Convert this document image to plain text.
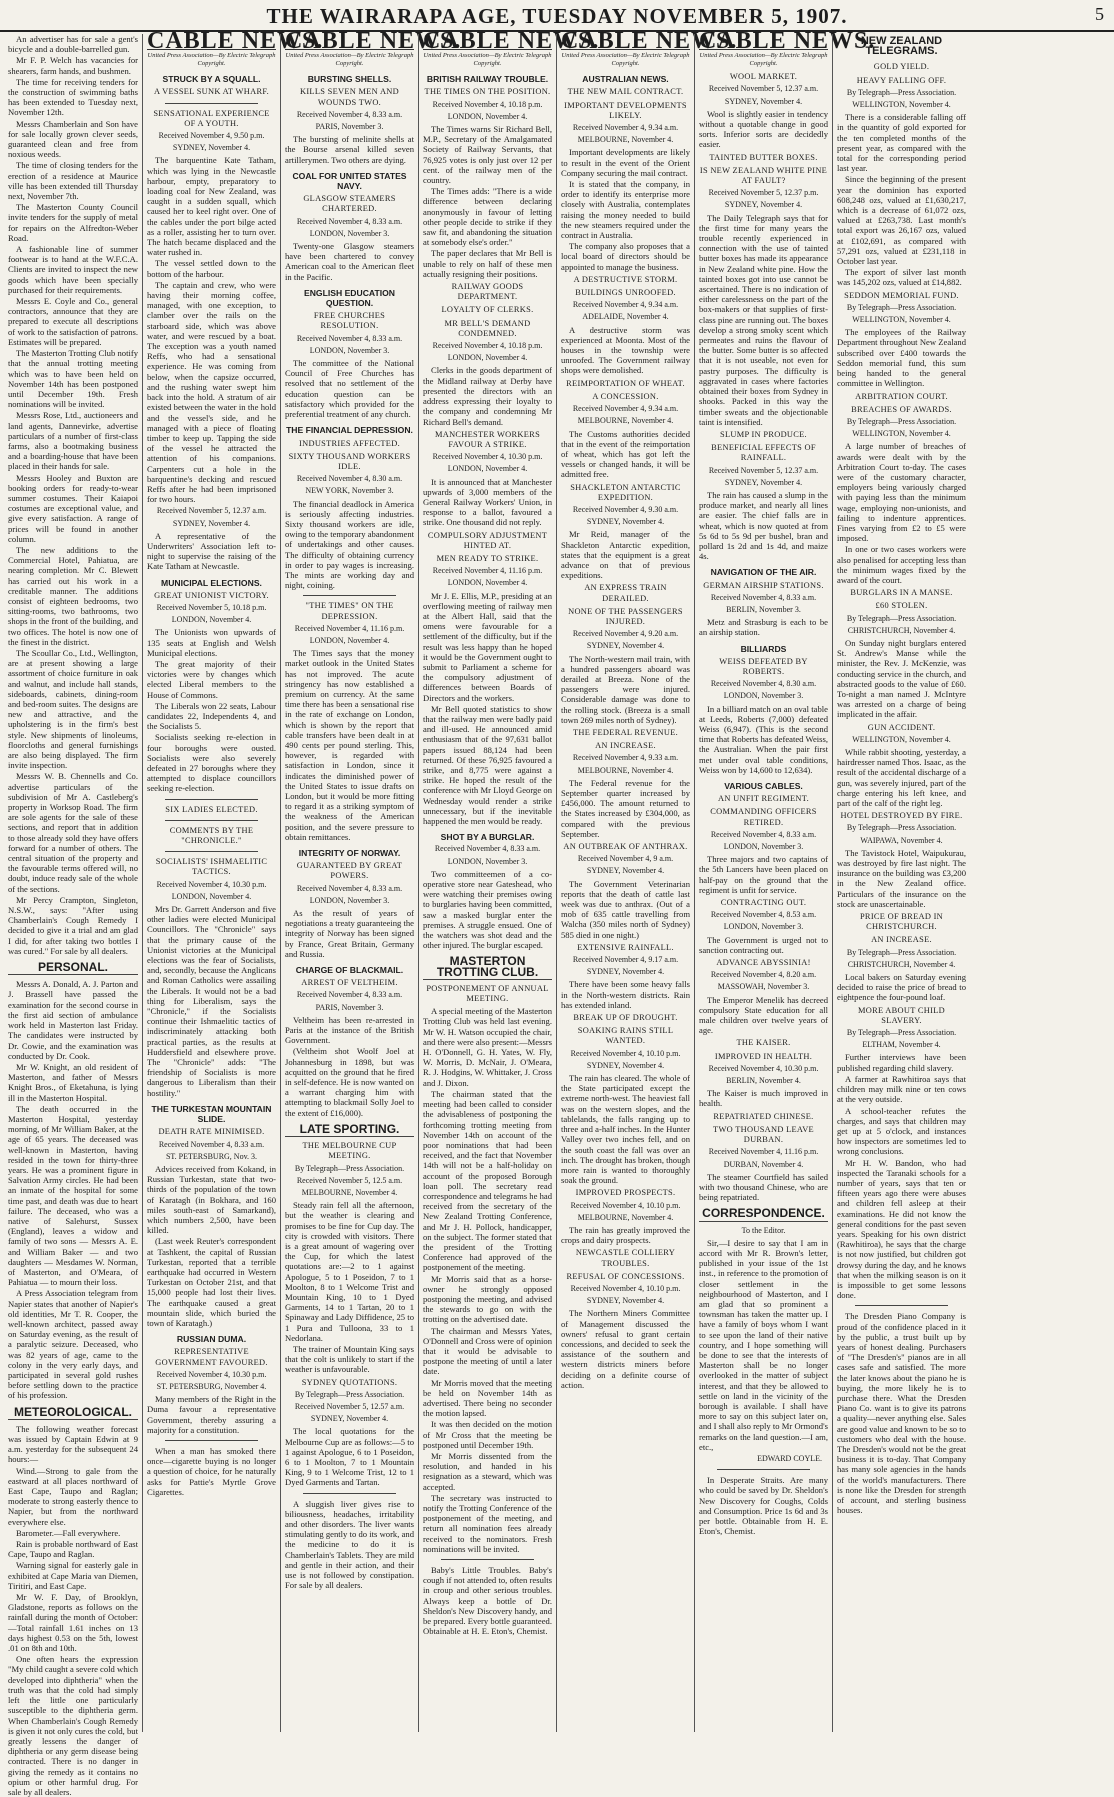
THE WAIRARAPA AGE, TUESDAY NOVEMBER 5, 1907.	5

An advertiser has for sale a gent's bicycle and a double-barrelled gun.

Mr F. P. Welch has vacancies for shearers, farm hands, and bushmen.

The time for receiving tenders for the construction of swimming baths has been extended to Tuesday next, November 12th.

Messrs Chamberlain and Son have for sale locally grown clever seeds, guaranteed clean and free from noxious weeds.

The time of closing tenders for the erection of a residence at Maurice ville has been extended till Thursday next, November 7th.

The Masterton County Council invite tenders for the supply of metal for repairs on the Alfredton-Weber Road.

A fashionable line of summer footwear is to hand at the W.F.C.A. Clients are invited to inspect the new goods which have been specially purchased for their requirements.

Messrs E. Coyle and Co., general contractors, announce that they are prepared to execute all descriptions of work to the satisfaction of patrons. Estimates will be prepared.

The Masterton Trotting Club notify that the annual trotting meeting which was to have been held on November 14th has been postponed until December 19th. Fresh nominations will be invited.

Messrs Rose, Ltd., auctioneers and land agents, Dannevirke, advertise particulars of a number of first-class farms, also a bootmaking business and a boarding-house that have been placed in their hands for sale.

Messrs Hooley and Buxton are booking orders for ready-to-wear summer costumes. Their Kaiapoi costumes are exceptional value, and give every satisfaction. A range of prices will be found in another column.

The new additions to the Commercial Hotel, Pahiatua, are nearing completion. Mr C. Blewett has carried out his work in a creditable manner. The additions consist of eighteen bedrooms, two sitting-rooms, two bathrooms, two shops in the front of the building, and two offices. The hotel is now one of the finest in the district.

The Scoullar Co., Ltd., Wellington, are at present showing a large assortment of choice furniture in oak and walnut, and include hall stands, sideboards, cabinets, dining-room and bed-room suites. The designs are new and attractive, and the upholstering is in the firm's best style. New shipments of linoleums, floorcloths and general furnishings are also being displayed. The firm invite inspection.

Messrs W. B. Chennells and Co. advertise particulars of the subdivision of Mr A. Castleberg's property in Worksop Road. The firm are sole agents for the sale of these sections, and report that in addition to those already sold they have offers forward for a number of others. The central situation of the property and the favourable terms offered will, no doubt, induce ready sale of the whole of the sections.

Mr Percy Crampton, Singleton, N.S.W., says: "After using Chamberlain's Cough Remedy I decided to give it a trial and am glad I did, for after taking two bottles I was cured." For sale by all dealers.

PERSONAL.

Messrs A. Donald, A. J. Parton and J. Brassell have passed the examination for the second course in the first aid section of ambulance work held in Masterton last Friday. The candidates were instructed by Dr. Cowie, and the examination was conducted by Dr. Cook.

Mr W. Knight, an old resident of Masterton, and father of Messrs Knight Bros., of Eketahuna, is lying ill in the Masterton Hospital.

The death occurred in the Masterton Hospital, yesterday morning, of Mr William Baker, at the age of 65 years. The deceased was well-known in Masterton, having resided in the town for thirty-three years. He was a prominent figure in Salvation Army circles. He had been an inmate of the hospital for some time past, and death was due to heart failure. The deceased, who was a native of Salehurst, Sussex (England), leaves a widow and family of two sons — Messrs A. E. and William Baker — and two daughters — Mesdames W. Norman, of Masterton, and O'Meara, of Pahiatua — to mourn their loss.

A Press Association telegram from Napier states that another of Napier's old identities, Mr T. R. Cooper, the well-known architect, passed away on Saturday evening, as the result of a paralytic seizure. Deceased, who was 82 years of age, came to the colony in the very early days, and participated in several gold rushes before settling down to the practice of his profession.

METEOROLOGICAL.

The following weather forecast was issued by Captain Edwin at 9 a.m. yesterday for the subsequent 24 hours:—

Wind.—Strong to gale from the eastward at all places northward of East Cape, Taupo and Raglan; moderate to strong easterly thence to Napier, but from the northward everywhere else.

Barometer.—Fall everywhere.

Rain is probable northward of East Cape, Taupo and Raglan.

Warning signal for easterly gale in exhibited at Cape Maria van Diemen, Tiritiri, and East Cape.

Mr W. F. Day, of Brooklyn, Gladstone, reports as follows on the rainfall during the month of October:—Total rainfall 1.61 inches on 13 days highest 0.53 on the 5th, lowest .01 on 8th and 10th.

One often hears the expression "My child caught a severe cold which developed into diphtheria" when the truth was that the cold had simply left the little one particularly susceptible to the diphtheria germ. When Chamberlain's Cough Remedy is given it not only cures the cold, but greatly lessens the danger of diphtheria or any germ disease being contracted. There is no danger in giving the remedy as it contains no opium or other harmful drug. For sale by all dealers.

CABLE NEWS.
United Press Association—By Electric Telegraph Copyright.
STRUCK BY A SQUALL.
A VESSEL SUNK AT WHARF.
SENSATIONAL EXPERIENCE OF A YOUTH.
Received November 4, 9.50 p.m.
SYDNEY, November 4.

The barquentine Kate Tatham, which was lying in the Newcastle harbour, empty, preparatory to loading coal for New Zealand, was caught in a sudden squall, which caused her to keel right over. One of the cables under the port bilge acted as a roller, assisting her to turn over. The hatch became displaced and the water rushed in.

The vessel settled down to the bottom of the harbour.

The captain and crew, who were having their morning coffee, managed, with one exception, to clamber over the rails on the starboard side, which was above water, and were rescued by a boat. The exception was a youth named Reffs, who had a sensational experience. He was coming from below, when the capsize occurred, and the rushing water swept him back into the hold. A stratum of air existed between the water in the hold and the vessel's side, and he managed with a piece of floating timber to keep up. Tapping the side of the vessel he attracted the attention of his companions. Carpenters cut a hole in the barquentine's decking and rescued Reffs after he had been imprisoned for two hours.

Received November 5, 12.37 a.m.
SYDNEY, November 4.

A representative of the Underwriters' Association left to-night to supervise the raising of the Kate Tatham at Newcastle.

MUNICIPAL ELECTIONS.
GREAT UNIONIST VICTORY.
Received November 5, 10.18 p.m.
LONDON, November 4.

The Unionists won upwards of 135 seats at English and Welsh Municipal elections.

The great majority of their victories were by changes which elected Liberal members to the House of Commons.

The Liberals won 22 seats, Labour candidates 22, Independents 4, and the Socialists 5.

Socialists seeking re-election in four boroughs were ousted. Socialists were also severely defeated in 27 boroughs where they attempted to displace councillors seeking re-election.

SIX LADIES ELECTED.
COMMENTS BY THE "CHRONICLE."
SOCIALISTS' ISHMAELITIC TACTICS.
Received November 4, 10.30 p.m.
LONDON, November 4.

Mrs Dr. Garrett Anderson and five other ladies were elected Municipal Councillors. The "Chronicle" says that the primary cause of the Unionist victories at the Municipal elections was the fear of Socialists, and, secondly, because the Anglicans and Roman Catholics were assailing the Liberals. It would not be a bad thing for Liberalism, says the "Chronicle," if the Socialists continue their Ishmaelitic tactics of indiscriminately attacking both practical parties, as the results at Huddersfield and elsewhere prove. The "Chronicle" adds: "The friendship of Socialists is more dangerous to Liberalism than their hostility."

THE TURKESTAN MOUNTAIN SLIDE.
DEATH RATE MINIMISED.
Received November 4, 8.33 a.m.
ST. PETERSBURG, Nov. 3.

Advices received from Kokand, in Russian Turkestan, state that two-thirds of the population of the town of Karatagh (in Bokhara, and 160 miles south-east of Samarkand), which numbers 2,500, have been killed.

(Last week Reuter's correspondent at Tashkent, the capital of Russian Turkestan, reported that a terrible earthquake had occurred in Western Turkestan on October 21st, and that 15,000 people had lost their lives. The earthquake caused a great mountain slide, which buried the town of Karatagh.)

RUSSIAN DUMA.
REPRESENTATIVE GOVERNMENT FAVOURED.
Received November 4, 10.30 p.m.
ST. PETERSBURG, November 4.

Many members of the Right in the Duma favour a representative Government, thereby assuring a majority for a constitution.

When a man has smoked there once—cigarette buying is no longer a question of choice, for he naturally asks for Pattie's Myrtle Grove Cigarettes.

CABLE NEWS.
United Press Association—By Electric Telegraph Copyright.
BURSTING SHELLS.
KILLS SEVEN MEN AND WOUNDS TWO.
Received November 4, 8.33 a.m.
PARIS, November 3.

The bursting of melinite shells at the Bourse arsenal killed seven artillerymen. Two others are dying.

COAL FOR UNITED STATES NAVY.
GLASGOW STEAMERS CHARTERED.
Received November 4, 8.33 a.m.
LONDON, November 3.

Twenty-one Glasgow steamers have been chartered to convey American coal to the American fleet in the Pacific.

ENGLISH EDUCATION QUESTION.
FREE CHURCHES RESOLUTION.
Received November 4, 8.33 a.m.
LONDON, November 3.

The committee of the National Council of Free Churches has resolved that no settlement of the education question can be satisfactory which provided for the preferential treatment of any church.

THE FINANCIAL DEPRESSION.
INDUSTRIES AFFECTED.
SIXTY THOUSAND WORKERS IDLE.
Received November 4, 8.30 a.m.
NEW YORK, November 3.

The financial deadlock in America is seriously affecting industries. Sixty thousand workers are idle, owing to the temporary abandonment of undertakings and other causes. The difficulty of obtaining currency in order to pay wages is increasing. The mints are working day and night, coining.

"THE TIMES" ON THE DEPRESSION.
Received November 4, 11.16 p.m.
LONDON, November 4.

The Times says that the money market outlook in the United States has not improved. The acute stringency has now established a premium on currency. At the same time there has been a sensational rise in the rate of exchange on London, which is shown by the report that cable transfers have been dealt in at 490 cents per pound sterling. This, however, is regarded with satisfaction in London, since it indicates the diminished power of the United States to issue drafts on London, but it would be more fitting to regard it as a striking symptom of the weakness of the American position, and the severe pressure to obtain remittances.

INTEGRITY OF NORWAY.
GUARANTEED BY GREAT POWERS.
Received November 4, 8.33 a.m.
LONDON, November 3.

As the result of years of negotiations a treaty guaranteeing the integrity of Norway has been signed by France, Great Britain, Germany and Russia.

CHARGE OF BLACKMAIL.
ARREST OF VELTHEIM.
Received November 4, 8.33 a.m.
PARIS, November 3.

Veltheim has been re-arrested in Paris at the instance of the British Government.

(Veltheim shot Woolf Joel at Johannesburg in 1898, but was acquitted on the ground that he fired in self-defence. He is now wanted on a warrant charging him with attempting to blackmail Solly Joel to the extent of £16,000).

LATE SPORTING.
THE MELBOURNE CUP MEETING.
By Telegraph—Press Association.
Received November 5, 12.5 a.m.
MELBOURNE, November 4.

Steady rain fell all the afternoon, but the weather is clearing and promises to be fine for Cup day. The city is crowded with visitors. There is a great amount of wagering over the Cup, for which the latest quotations are:—2 to 1 against Apologue, 5 to 1 Poseidon, 7 to 1 Moolton, 8 to 1 Welcome Trist and Mountain King, 10 to 1 Dyed Garments, 14 to 1 Tartan, 20 to 1 Spinaway and Lady Diffidence, 25 to 1 Pura and Tulloona, 33 to 1 Nedorlana.

The trainer of Mountain King says that the colt is unlikely to start if the weather is unfavourable.

SYDNEY QUOTATIONS.
By Telegraph—Press Association.
Received November 5, 12.57 a.m.
SYDNEY, November 4.

The local quotations for the Melbourne Cup are as follows:—5 to 1 against Apologue, 6 to 1 Poseidon, 6 to 1 Moolton, 7 to 1 Mountain King, 9 to 1 Welcome Trist, 12 to 1 Dyed Garments and Tartan.

A sluggish liver gives rise to biliousness, headaches, irritability and other disorders. The liver wants stimulating gently to do its work, and the medicine to do it is Chamberlain's Tablets. They are mild and gentle in their action, and their use is not followed by constipation. For sale by all dealers.

CABLE NEWS.
United Press Association—By Electric Telegraph Copyright.
BRITISH RAILWAY TROUBLE.
THE TIMES ON THE POSITION.
Received November 4, 10.18 p.m.
LONDON, November 4.

The Times warns Sir Richard Bell, M.P., Secretary of the Amalgamated Society of Railway Servants, that 76,925 votes is only just over 12 per cent. of the railway men of the country.

The Times adds: "There is a wide difference between declaring anonymously in favour of letting other people decide to strike if they saw fit, and abandoning the situation at somebody else's order."

The paper declares that Mr Bell is unable to rely on half of these men actually resigning their positions.

RAILWAY GOODS DEPARTMENT.
LOYALTY OF CLERKS.
MR BELL'S DEMAND CONDEMNED.
Received November 4, 10.18 p.m.
LONDON, November 4.

Clerks in the goods department of the Midland railway at Derby have presented the directors with an address expressing their loyalty to the company and condemning Mr Richard Bell's demand.

MANCHESTER WORKERS FAVOUR A STRIKE.
Received November 4, 10.30 p.m.
LONDON, November 4.

It is announced that at Manchester upwards of 3,000 members of the General Railway Workers' Union, in response to a ballot, favoured a strike. One thousand did not reply.

COMPULSORY ADJUSTMENT HINTED AT.
MEN READY TO STRIKE.
Received November 4, 11.16 p.m.
LONDON, November 4.

Mr J. E. Ellis, M.P., presiding at an overflowing meeting of railway men at the Albert Hall, said that the omens were favourable for a settlement of the difficulty, but if the result was less happy than he hoped it would be the Government ought to submit to Parliament a scheme for the compulsory adjustment of differences between Boards of Directors and the workers.

Mr Bell quoted statistics to show that the railway men were badly paid and ill-used. He announced amid enthusiasm that of the 97,631 ballot papers issued 88,124 had been returned. Of these 76,925 favoured a strike, and 8,775 were against a strike. He hoped the result of the conference with Mr Lloyd George on Wednesday would render a strike unnecessary, but if the inevitable happened the men would be ready.

SHOT BY A BURGLAR.
Received November 4, 8.33 a.m.
LONDON, November 3.

Two committeemen of a co-operative store near Gateshead, who were watching their premises owing to burglaries having been committed, saw a masked burglar enter the premises. A struggle ensued. One of the watchers was shot dead and the other injured. The burglar escaped.

MASTERTON TROTTING CLUB.
POSTPONEMENT OF ANNUAL MEETING.

A special meeting of the Masterton Trotting Club was held last evening. Mr W. H. Watson occupied the chair, and there were also present:—Messrs H. O'Donnell, G. H. Yates, W. Fly, W. Morris, D. McNair, J. O'Meara, R. J. Hodgins, W. Whittaker, J. Cross and J. Dixon.

The chairman stated that the meeting had been called to consider the advisableness of postponing the forthcoming trotting meeting from November 14th on account of the poor nominations that had been received, and the fact that November 14th will not be a half-holiday on account of the proposed Borough loan poll. The secretary read correspondence and telegrams he had received from the secretary of the New Zealand Trotting Conference, and Mr J. H. Pollock, handicapper, on the subject. The former stated that the president of the Trotting Conference had approved of the postponement of the meeting.

Mr Morris said that as a horse-owner he strongly opposed postponing the meeting, and advised the stewards to go on with the trotting on the advertised date.

The chairman and Messrs Yates, O'Donnell and Cross were of opinion that it would be advisable to postpone the meeting of until a later date.

Mr Morris moved that the meeting be held on November 14th as advertised. There being no seconder the motion lapsed.

It was then decided on the motion of Mr Cross that the meeting be postponed until December 19th.

Mr Morris dissented from the resolution, and handed in his resignation as a steward, which was accepted.

The secretary was instructed to notify the Trotting Conference of the postponement of the meeting, and return all nomination fees already received to the nominators. Fresh nominations will be invited.

Baby's Little Troubles. Baby's cough if not attended to, often results in croup and other serious troubles. Always keep a bottle of Dr. Sheldon's New Discovery handy, and be prepared. Every bottle guaranteed. Obtainable at H. E. Eton's, Chemist.

CABLE NEWS.
United Press Association—By Electric Telegraph Copyright.
AUSTRALIAN NEWS.
THE NEW MAIL CONTRACT.
IMPORTANT DEVELOPMENTS LIKELY.
Received November 4, 9.34 a.m.
MELBOURNE, November 4.

Important developments are likely to result in the event of the Orient Company securing the mail contract.

It is stated that the company, in order to identify its enterprise more closely with Australia, contemplates raising the money needed to build the new steamers required under the contract in Australia.

The company also proposes that a local board of directors should be appointed to manage the business.

A DESTRUCTIVE STORM.
BUILDINGS UNROOFED.
Received November 4, 9.34 a.m.
ADELAIDE, November 4.

A destructive storm was experienced at Moonta. Most of the houses in the township were unroofed. The Government railway shops were demolished.

REIMPORTATION OF WHEAT.
A CONCESSION.
Received November 4, 9.34 a.m.
MELBOURNE, November 4.

The Customs authorities decided that in the event of the reimportation of wheat, which has got left the vessels or changed hands, it will be admitted free.

SHACKLETON ANTARCTIC EXPEDITION.
Received November 4, 9.30 a.m.
SYDNEY, November 4.

Mr Reid, manager of the Shackleton Antarctic expedition, states that the equipment is a great advance on that of previous expeditions.

AN EXPRESS TRAIN DERAILED.
NONE OF THE PASSENGERS INJURED.
Received November 4, 9.20 a.m.
SYDNEY, November 4.

The North-western mail train, with a hundred passengers aboard was derailed at Breeza. None of the passengers were injured. Considerable damage was done to the rolling stock. (Breeza is a small town 269 miles north of Sydney).

THE FEDERAL REVENUE.
AN INCREASE.
Received November 4, 9.33 a.m.
MELBOURNE, November 4.

The Federal revenue for the September quarter increased by £456,000. The amount returned to the States increased by £304,000, as compared with the previous September.

AN OUTBREAK OF ANTHRAX.
Received November 4, 9 a.m.
SYDNEY, November 4.

The Government Veterinarian reports that the death of cattle last week was due to anthrax. (Out of a mob of 635 cattle travelling from Walcha (350 miles north of Sydney) 585 died in one night.)

EXTENSIVE RAINFALL.
Received November 4, 9.17 a.m.
SYDNEY, November 4.

There have been some heavy falls in the North-western districts. Rain has extended inland.

BREAK UP OF DROUGHT.
SOAKING RAINS STILL WANTED.
Received November 4, 10.10 p.m.
SYDNEY, November 4.

The rain has cleared. The whole of the State participated except the extreme north-west. The heaviest fall was on the western slopes, and the tablelands, the falls ranging up to three and a-half inches. In the Hunter Valley over two inches fell, and on the south coast the fall was over an inch. The drought has broken, though more rain is wanted to thoroughly soak the ground.

IMPROVED PROSPECTS.
Received November 4, 10.10 p.m.
MELBOURNE, November 4.

The rain has greatly improved the crops and dairy prospects.

NEWCASTLE COLLIERY TROUBLES.
REFUSAL OF CONCESSIONS.
Received November 4, 10.10 p.m.
SYDNEY, November 4.

The Northern Miners Committee of Management discussed the owners' refusal to grant certain concessions, and decided to seek the assistance of the southern and western districts miners before deciding on a definite course of action.

CABLE NEWS.
United Press Association—By Electric Telegraph Copyright.
WOOL MARKET.
Received November 5, 12.37 a.m.
SYDNEY, November 4.

Wool is slightly easier in tendency without a quotable change in good sorts. Inferior sorts are decidedly easier.

TAINTED BUTTER BOXES.
IS NEW ZEALAND WHITE PINE AT FAULT?
Received November 5, 12.37 p.m.
SYDNEY, November 4.

The Daily Telegraph says that for the first time for many years the trouble recently experienced in connection with the use of tainted butter boxes has made its appearance in New Zealand white pine. How the tainted boxes got into use cannot be ascertained. There is no indication of either carelessness on the part of the box-makers or that supplies of first-class pine are running out. The boxes develop a strong smoky scent which permeates and ruins the flavour of the butter. Some butter is so affected that it is not useable, not even for pastry purposes. The difficulty is aggravated in cases where factories obtained their boxes from Sydney in shooks. Packed in this way the timber sweats and the objectionable taint is intensified.

SLUMP IN PRODUCE.
BENEFICIAL EFFECTS OF RAINFALL.
Received November 5, 12.37 a.m.
SYDNEY, November 4.

The rain has caused a slump in the produce market, and nearly all lines are easier. The chief falls are in wheat, which is now quoted at from 5s 6d to 5s 9d per bushel, bran and pollard 1s 2d and 1s 4d, and maize 4s.

NAVIGATION OF THE AIR.
GERMAN AIRSHIP STATIONS.
Received November 4, 8.33 a.m.
BERLIN, November 3.

Metz and Strasburg is each to be an airship station.

BILLIARDS
WEISS DEFEATED BY ROBERTS.
Received November 4, 8.30 a.m.
LONDON, November 3.

In a billiard match on an oval table at Leeds, Roberts (7,000) defeated Weiss (6,947). (This is the second time that Roberts has defeated Weiss, the Australian. When the pair first met under oval table conditions, Weiss won by 14,600 to 12,634).

VARIOUS CABLES.
AN UNFIT REGIMENT.
COMMANDING OFFICERS RETIRED.
Received November 4, 8.33 a.m.
LONDON, November 3.

Three majors and two captains of the 5th Lancers have been placed on half-pay on the ground that the regiment is unfit for service.

CONTRACTING OUT.
Received November 4, 8.53 a.m.
LONDON, November 3.

The Government is urged not to sanction contracting out.

ADVANCE ABYSSINIA!
Received November 4, 8.20 a.m.
MASSOWAH, November 3.

The Emperor Menelik has decreed compulsory State education for all male children over twelve years of age.

THE KAISER.
IMPROVED IN HEALTH.
Received November 4, 10.30 p.m.
BERLIN, November 4.

The Kaiser is much improved in health.

REPATRIATED CHINESE.
TWO THOUSAND LEAVE DURBAN.
Received November 4, 11.16 p.m.
DURBAN, November 4.

The steamer Courtfield has sailed with two thousand Chinese, who are being repatriated.

CORRESPONDENCE.
To the Editor.

Sir,—I desire to say that I am in accord with Mr R. Brown's letter, published in your issue of the 1st inst., in reference to the promotion of closer settlement in the neighbourhood of Masterton, and I am glad that so prominent a townsman has taken the matter up. I have a family of boys whom I want to see upon the land of their native country, and I hope something will be done to see that the interests of Masterton shall be no longer overlooked in the matter of subject interest, and that they be allowed to settle on land in the vicinity of the borough is available. I shall have more to say on this subject later on, and I shall also reply to Mr Ormond's remarks on the land question.—I am, etc.,

EDWARD COYLE.

In Desperate Straits. Are many who could be saved by Dr. Sheldon's New Discovery for Coughs, Colds and Consumption. Price 1s 6d and 3s per bottle. Obtainable from H. E. Eton's, Chemist.

NEW ZEALAND TELEGRAMS.
GOLD YIELD.
HEAVY FALLING OFF.
By Telegraph—Press Association.
WELLINGTON, November 4.

There is a considerable falling off in the quantity of gold exported for the ten completed months of the present year, as compared with the total for the corresponding period last year.

Since the beginning of the present year the dominion has exported 608,248 ozs, valued at £1,630,217, which is a decrease of 61,072 ozs, valued at £263,738. Last month's total export was 26,167 ozs, valued at £102,691, as compared with 57,291 ozs, valued at £231,118 in October last year.

The export of silver last month was 145,202 ozs, valued at £14,882.

SEDDON MEMORIAL FUND.
By Telegraph—Press Association.
WELLINGTON, November 4.

The employees of the Railway Department throughout New Zealand subscribed over £400 towards the Seddon memorial fund, this sum being handed to the general committee in Wellington.

ARBITRATION COURT.
BREACHES OF AWARDS.
By Telegraph—Press Association.
WELLINGTON, November 4.

A large number of breaches of awards were dealt with by the Arbitration Court to-day. The cases were of the customary character, employers being variously charged with paying less than the minimum wage, employing non-unionists, and failing to indenture apprentices. Fines varying from £2 to £5 were imposed.

In one or two cases workers were also penalised for accepting less than the minimum wages fixed by the award of the court.

BURGLARS IN A MANSE.
£60 STOLEN.
By Telegraph—Press Association.
CHRISTCHURCH, November 4.

On Sunday night burglars entered St. Andrew's Manse while the minister, the Rev. J. McKenzie, was conducting service in the church, and abstracted goods to the value of £60. To-night a man named J. McIntyre was arrested on a charge of being implicated in the affair.

GUN ACCIDENT.
WELLINGTON, November 4.

While rabbit shooting, yesterday, a hairdresser named Thos. Isaac, as the result of the accidental discharge of a gun, was severely injured, part of the charge entering his left knee, and part of the calf of the right leg.

HOTEL DESTROYED BY FIRE.
By Telegraph—Press Association.
WAIPAWA, November 4.

The Tavistock Hotel, Waipukurau, was destroyed by fire last night. The insurance on the building was £3,200 in the New Zealand office. Particulars of the insurance on the stock are unascertainable.

PRICE OF BREAD IN CHRISTCHURCH.
AN INCREASE.
By Telegraph—Press Association.
CHRISTCHURCH, November 4.

Local bakers on Saturday evening decided to raise the price of bread to eightpence the four-pound loaf.

MORE ABOUT CHILD SLAVERY.
By Telegraph—Press Association.
ELTHAM, November 4.

Further interviews have been published regarding child slavery.

A farmer at Rawhitiroa says that children may milk nine or ten cows at the very outside.

A school-teacher refutes the charges, and says that children may get up at 5 o'clock, and instances how inspectors are sometimes led to wrong conclusions.

Mr H. W. Bandon, who had inspected the Taranaki schools for a number of years, says that ten or fifteen years ago there were abuses and children fell asleep at their examinations. He did not know the general conditions for the past seven years. Speaking for his own district (Rawhitiroa), he says that the charge is not now justified, but children got drowsy during the day, and he knows that when the milking season is on it is impossible to get some lessons done.

The Dresden Piano Company is proud of the confidence placed in it by the public, a trust built up by years of honest dealing. Purchasers of "The Dresden's" pianos are in all cases safe and satisfied. The more the later knows about the piano he is buying, the more likely he is to purchase there. What the Dresden Piano Co. want is to give its patrons a quality—never anything else. Sales are good value and known to be so to customers who deal with the house. The Dresden's would not be the great business it is to-day. That Company has many sole agencies in the hands of the world's manufacturers. There is none like the Dresden for strength of account, and sterling business houses.
